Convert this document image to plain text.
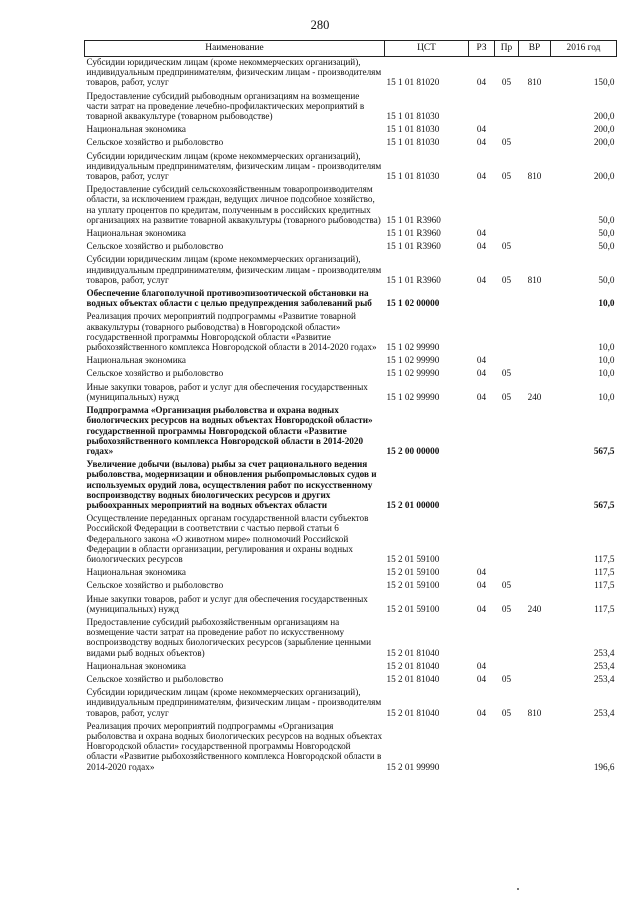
280
Наименование	ЦСТ	РЗ	Пр	ВР	2016 год
Субсидии юридическим лицам (кроме некоммерческих организаций), индивидуальным предпринимателям, физическим лицам - производителям товаров, работ, услуг	15 1 01 81020	04	05	810	150,0
Предоставление субсидий рыбоводным организациям на возмещение части затрат на проведение лечебно-профилактических мероприятий в товарной аквакультуре (товарном рыбоводстве)	15 1 01 81030				200,0
Национальная экономика	15 1 01 81030	04			200,0
Сельское хозяйство и рыболовство	15 1 01 81030	04	05		200,0
Субсидии юридическим лицам (кроме некоммерческих организаций), индивидуальным предпринимателям, физическим лицам - производителям товаров, работ, услуг	15 1 01 81030	04	05	810	200,0
Предоставление субсидий сельскохозяйственным товаропроизводителям области, за исключением граждан, ведущих личное подсобное хозяйство, на уплату процентов по кредитам, полученным в российских кредитных организациях на развитие товарной аквакультуры (товарного рыбоводства)	15 1 01 R3960				50,0
Национальная экономика	15 1 01 R3960	04			50,0
Сельское хозяйство и рыболовство	15 1 01 R3960	04	05		50,0
Субсидии юридическим лицам (кроме некоммерческих организаций), индивидуальным предпринимателям, физическим лицам - производителям товаров, работ, услуг	15 1 01 R3960	04	05	810	50,0
Обеспечение благополучной противоэпизоотической обстановки на водных объектах области с целью предупреждения заболеваний рыб	15 1 02 00000				10,0
Реализация прочих мероприятий подпрограммы «Развитие товарной аквакультуры (товарного рыбоводства) в Новгородской области» государственной программы Новгородской области «Развитие рыбохозяйственного комплекса Новгородской области в 2014-2020 годах»	15 1 02 99990				10,0
Национальная экономика	15 1 02 99990	04			10,0
Сельское хозяйство и рыболовство	15 1 02 99990	04	05		10,0
Иные закупки товаров, работ и услуг для обеспечения государственных (муниципальных) нужд	15 1 02 99990	04	05	240	10,0
Подпрограмма «Организация рыболовства и охрана водных биологических ресурсов на водных объектах Новгородской области» государственной программы Новгородской области «Развитие рыбохозяйственного комплекса Новгородской области в 2014-2020 годах»	15 2 00 00000				567,5
Увеличение добычи (вылова) рыбы за счет рационального ведения рыболовства, модернизации и обновления рыбопромысловых судов и используемых орудий лова, осуществления работ по искусственному воспроизводству водных биологических ресурсов и других рыбоохранных мероприятий на водных объектах области	15 2 01 00000				567,5
Осуществление переданных органам государственной власти субъектов Российской Федерации в соответствии с частью первой статьи 6 Федерального закона «О животном мире» полномочий Российской Федерации в области организации, регулирования и охраны водных биологических ресурсов	15 2 01 59100				117,5
Национальная экономика	15 2 01 59100	04			117,5
Сельское хозяйство и рыболовство	15 2 01 59100	04	05		117,5
Иные закупки товаров, работ и услуг для обеспечения государственных (муниципальных) нужд	15 2 01 59100	04	05	240	117,5
Предоставление субсидий рыбохозяйственным организациям на возмещение части затрат на проведение работ по искусственному воспроизводству водных биологических ресурсов (зарыбление ценными видами рыб водных объектов)	15 2 01 81040				253,4
Национальная экономика	15 2 01 81040	04			253,4
Сельское хозяйство и рыболовство	15 2 01 81040	04	05		253,4
Субсидии юридическим лицам (кроме некоммерческих организаций), индивидуальным предпринимателям, физическим лицам - производителям товаров, работ, услуг	15 2 01 81040	04	05	810	253,4
Реализация прочих мероприятий подпрограммы «Организация рыболовства и охрана водных биологических ресурсов на водных объектах Новгородской области» государственной программы Новгородской области «Развитие рыбохозяйственного комплекса Новгородской области в 2014-2020 годах»	15 2 01 99990				196,6
